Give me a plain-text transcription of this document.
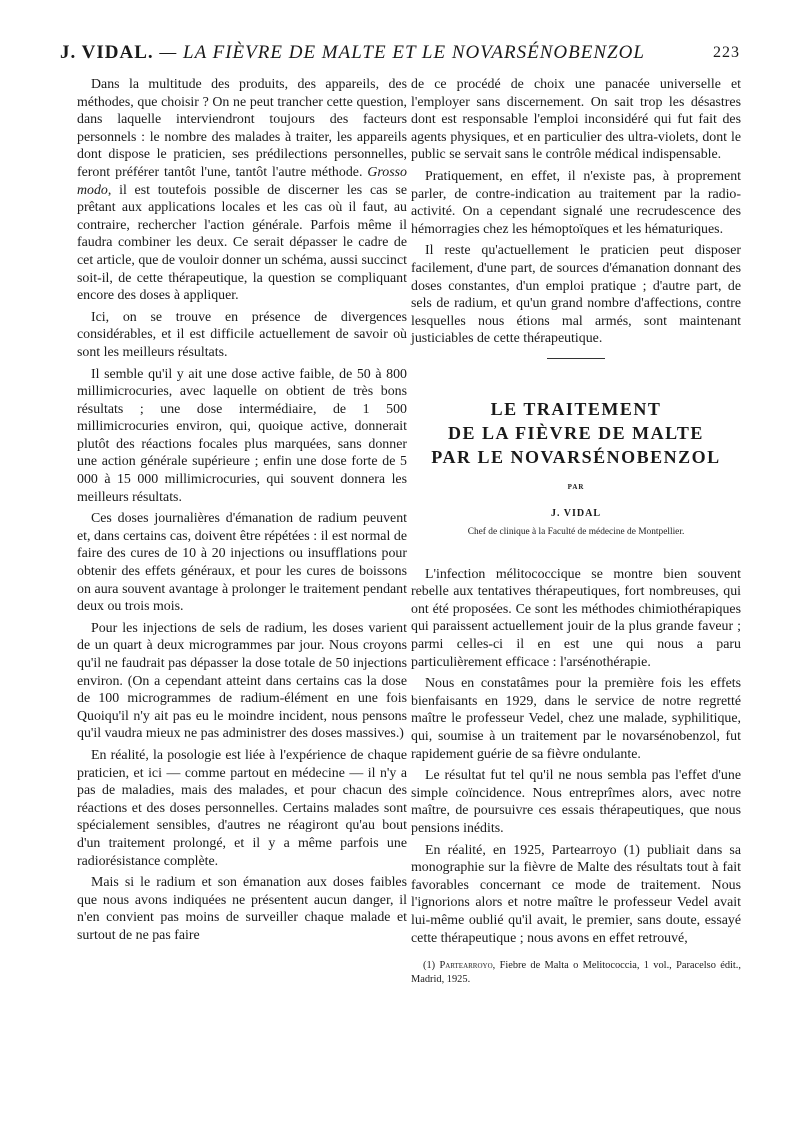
J. VIDAL. — LA FIÈVRE DE MALTE ET LE NOVARSÉNOBENZOL	223

Dans la multitude des produits, des appareils, des méthodes, que choisir ? On ne peut trancher cette question, dans laquelle interviendront toujours des facteurs personnels : le nombre des malades à traiter, les appareils dont dispose le praticien, ses prédilections personnelles, feront préférer tantôt l'une, tantôt l'autre méthode. Grosso modo, il est toutefois possible de discerner les cas se prêtant aux applications locales et les cas où il faut, au contraire, rechercher l'action générale. Parfois même il faudra combiner les deux. Ce serait dépasser le cadre de cet article, que de vouloir donner un schéma, aussi succinct soit-il, de cette thérapeutique, la question se compliquant encore des doses à appliquer.

Ici, on se trouve en présence de divergences considérables, et il est difficile actuellement de savoir où sont les meilleurs résultats.

Il semble qu'il y ait une dose active faible, de 50 à 800 millimicrocuries, avec laquelle on obtient de très bons résultats ; une dose intermédiaire, de 1 500 millimicrocuries environ, qui, quoique active, donnerait plutôt des réactions focales plus marquées, sans donner une action générale supérieure ; enfin une dose forte de 5 000 à 15 000 millimicrocuries, qui souvent donnera les meilleurs résultats.

Ces doses journalières d'émanation de radium peuvent et, dans certains cas, doivent être répétées : il est normal de faire des cures de 10 à 20 injections ou insufflations pour obtenir des effets généraux, et pour les cures de boissons on aura souvent avantage à prolonger le traitement pendant deux ou trois mois.

Pour les injections de sels de radium, les doses varient de un quart à deux microgrammes par jour. Nous croyons qu'il ne faudrait pas dépasser la dose totale de 50 injections environ. (On a cependant atteint dans certains cas la dose de 100 microgrammes de radium-élément en une fois Quoiqu'il n'y ait pas eu le moindre incident, nous pensons qu'il vaudra mieux ne pas administrer des doses massives.)

En réalité, la posologie est liée à l'expérience de chaque praticien, et ici — comme partout en médecine — il n'y a pas de maladies, mais des malades, et pour chacun des réactions et des doses personnelles. Certains malades sont spécialement sensibles, d'autres ne réagiront qu'au bout d'un traitement prolongé, et il y a même parfois une radiorésistance complète.

Mais si le radium et son émanation aux doses faibles que nous avons indiquées ne présentent aucun danger, il n'en convient pas moins de surveiller chaque malade et surtout de ne pas faire

de ce procédé de choix une panacée universelle et l'employer sans discernement. On sait trop les désastres dont est responsable l'emploi inconsidéré qui fut fait des agents physiques, et en particulier des ultra-violets, dont le public se servait sans le contrôle médical indispensable.

Pratiquement, en effet, il n'existe pas, à proprement parler, de contre-indication au traitement par la radio-activité. On a cependant signalé une recrudescence des hémorragies chez les hémoptoïques et les hématuriques.

Il reste qu'actuellement le praticien peut disposer facilement, d'une part, de sources d'émanation donnant des doses constantes, d'un emploi pratique ; d'autre part, de sels de radium, et qu'un grand nombre d'affections, contre lesquelles nous étions mal armés, sont maintenant justiciables de cette thérapeutique.

LE TRAITEMENT
DE LA FIÈVRE DE MALTE
PAR LE NOVARSÉNOBENZOL
PAR
J. VIDAL
Chef de clinique à la Faculté de médecine de Montpellier.

L'infection mélitococcique se montre bien souvent rebelle aux tentatives thérapeutiques, fort nombreuses, qui ont été proposées. Ce sont les méthodes chimiothérapiques qui paraissent actuellement jouir de la plus grande faveur ; parmi celles-ci il en est une qui nous a paru particulièrement efficace : l'arsénothérapie.

Nous en constatâmes pour la première fois les effets bienfaisants en 1929, dans le service de notre regretté maître le professeur Vedel, chez une malade, syphilitique, qui, soumise à un traitement par le novarsénobenzol, fut rapidement guérie de sa fièvre ondulante.

Le résultat fut tel qu'il ne nous sembla pas l'effet d'une simple coïncidence. Nous entreprîmes alors, avec notre maître, de poursuivre ces essais thérapeutiques, que nous pensions inédits.

En réalité, en 1925, Partearroyo (1) publiait dans sa monographie sur la fièvre de Malte des résultats tout à fait favorables concernant ce mode de traitement. Nous l'ignorions alors et notre maître le professeur Vedel avait lui-même oublié qu'il avait, le premier, sans doute, essayé cette thérapeutique ; nous avons en effet retrouvé,

(1) Partearroyo, Fiebre de Malta o Melitococcia, 1 vol., Paracelso édit., Madrid, 1925.
